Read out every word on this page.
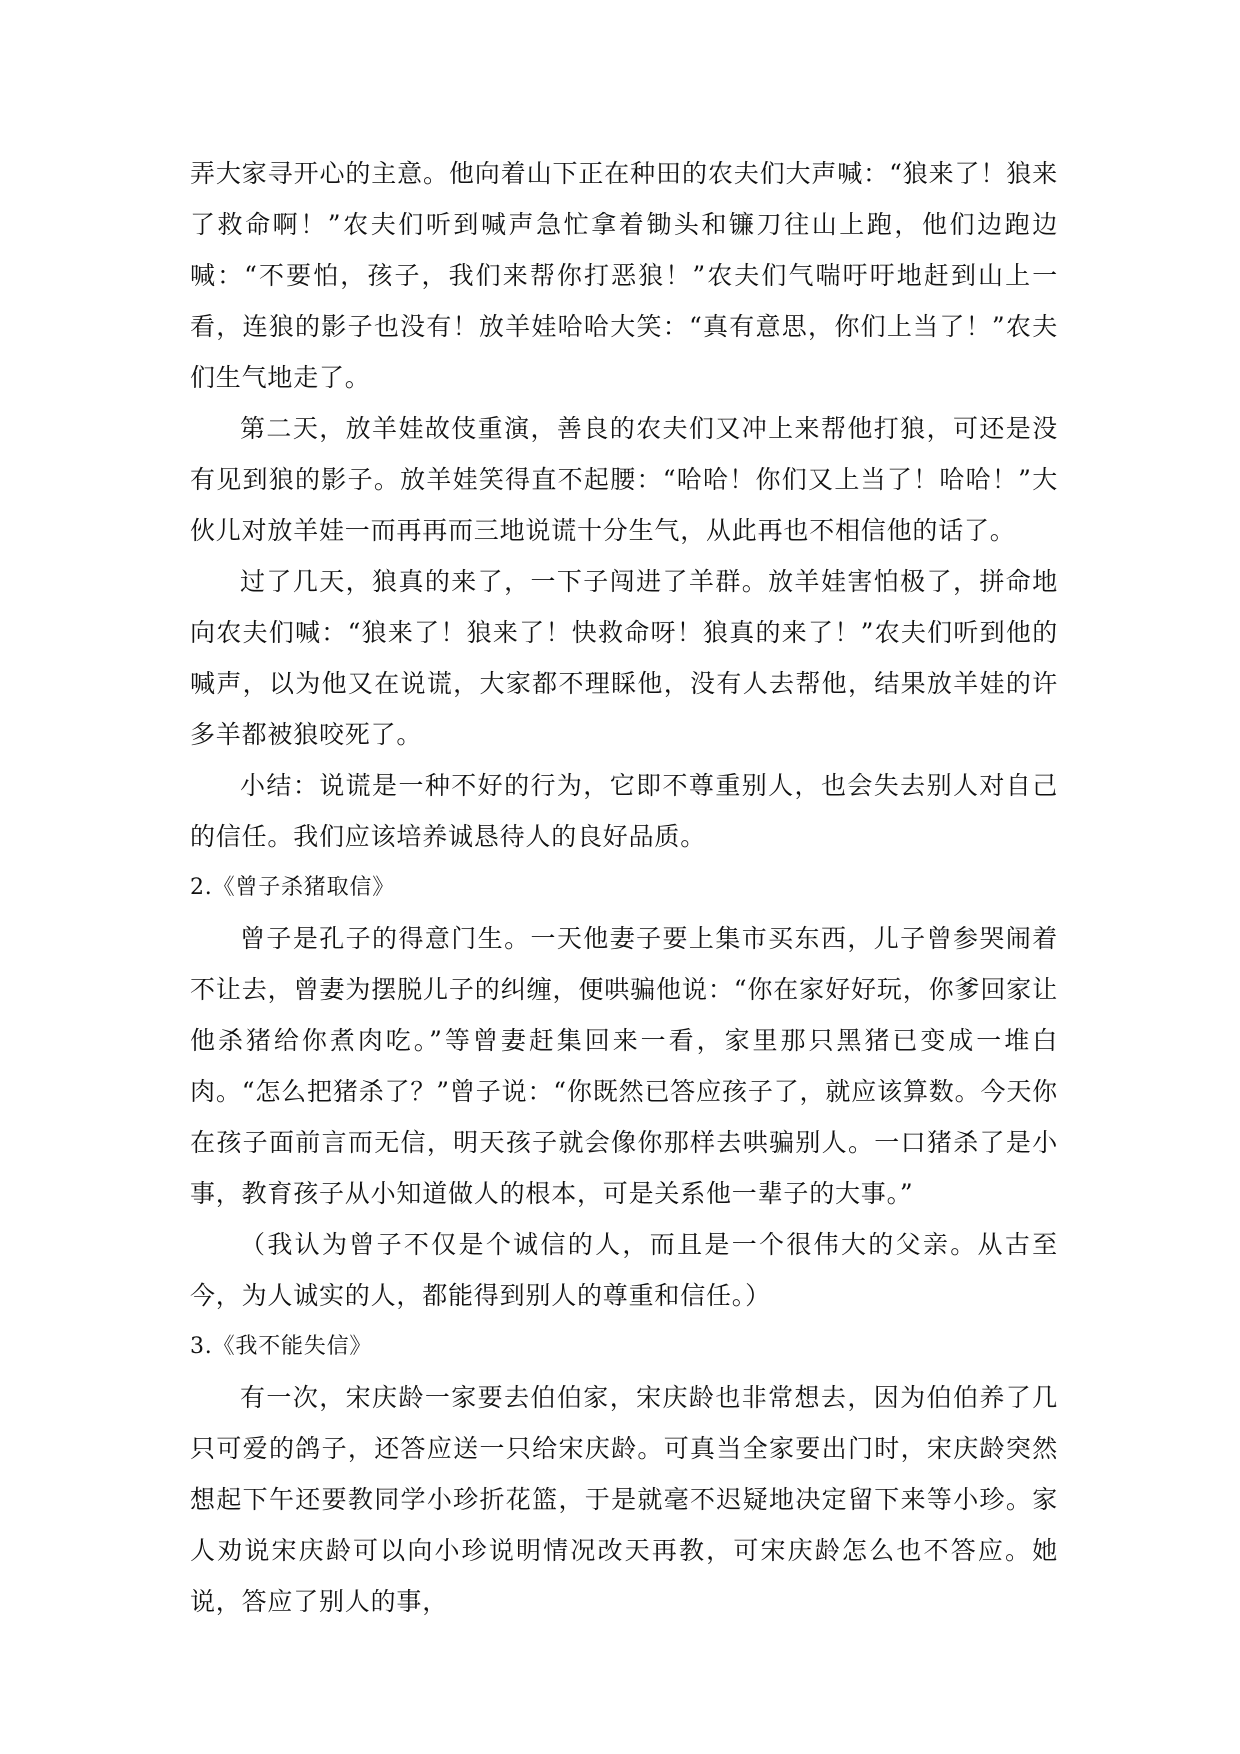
弄大家寻开心的主意。他向着山下正在种田的农夫们大声喊：“狼来了！狼来了救命啊！”农夫们听到喊声急忙拿着锄头和镰刀往山上跑，他们边跑边喊：“不要怕，孩子，我们来帮你打恶狼！”农夫们气喘吁吁地赶到山上一看，连狼的影子也没有！放羊娃哈哈大笑：“真有意思，你们上当了！”农夫们生气地走了。

第二天，放羊娃故伎重演，善良的农夫们又冲上来帮他打狼，可还是没有见到狼的影子。放羊娃笑得直不起腰：“哈哈！你们又上当了！哈哈！”大伙儿对放羊娃一而再再而三地说谎十分生气，从此再也不相信他的话了。

过了几天，狼真的来了，一下子闯进了羊群。放羊娃害怕极了，拼命地向农夫们喊：“狼来了！狼来了！快救命呀！狼真的来了！”农夫们听到他的喊声，以为他又在说谎，大家都不理睬他，没有人去帮他，结果放羊娃的许多羊都被狼咬死了。

小结：说谎是一种不好的行为，它即不尊重别人，也会失去别人对自己的信任。我们应该培养诚恳待人的良好品质。

2.《曾子杀猪取信》

曾子是孔子的得意门生。一天他妻子要上集市买东西，儿子曾参哭闹着不让去，曾妻为摆脱儿子的纠缠，便哄骗他说：“你在家好好玩，你爹回家让他杀猪给你煮肉吃。”等曾妻赶集回来一看，家里那只黑猪已变成一堆白肉。“怎么把猪杀了？”曾子说：“你既然已答应孩子了，就应该算数。今天你在孩子面前言而无信，明天孩子就会像你那样去哄骗别人。一口猪杀了是小事，教育孩子从小知道做人的根本，可是关系他一辈子的大事。”

（我认为曾子不仅是个诚信的人，而且是一个很伟大的父亲。从古至今，为人诚实的人，都能得到别人的尊重和信任。）

3.《我不能失信》

有一次，宋庆龄一家要去伯伯家，宋庆龄也非常想去，因为伯伯养了几只可爱的鸽子，还答应送一只给宋庆龄。可真当全家要出门时，宋庆龄突然想起下午还要教同学小珍折花篮，于是就毫不迟疑地决定留下来等小珍。家人劝说宋庆龄可以向小珍说明情况改天再教，可宋庆龄怎么也不答应。她说，答应了别人的事，
